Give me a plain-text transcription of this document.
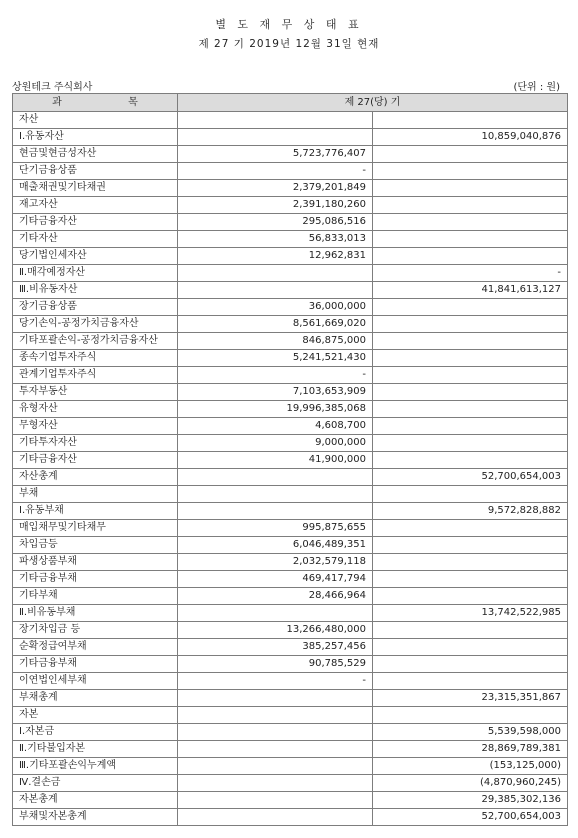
별 도 재 무 상 태 표
제 27 기 2019년 12월 31일 현재
상원테크 주식회사	(단위 : 원)
과 목	제 27(당) 기	
자산		
Ⅰ.유동자산		10,859,040,876
현금및현금성자산	5,723,776,407	
단기금융상품	-	
매출채권및기타채권	2,379,201,849	
재고자산	2,391,180,260	
기타금융자산	295,086,516	
기타자산	56,833,013	
당기법인세자산	12,962,831	
Ⅱ.매각예정자산		-
Ⅲ.비유동자산		41,841,613,127
장기금융상품	36,000,000	
당기손익-공정가치금융자산	8,561,669,020	
기타포괄손익-공정가치금융자산	846,875,000	
종속기업투자주식	5,241,521,430	
관계기업투자주식	-	
투자부동산	7,103,653,909	
유형자산	19,996,385,068	
무형자산	4,608,700	
기타투자자산	9,000,000	
기타금융자산	41,900,000	
자산총계		52,700,654,003
부채		
Ⅰ.유동부채		9,572,828,882
매입채무및기타채무	995,875,655	
차입금등	6,046,489,351	
파생상품부채	2,032,579,118	
기타금융부채	469,417,794	
기타부채	28,466,964	
Ⅱ.비유동부채		13,742,522,985
장기차입금 등	13,266,480,000	
순확정급여부채	385,257,456	
기타금융부채	90,785,529	
이연법인세부채	-	
부채총계		23,315,351,867
자본		
Ⅰ.자본금		5,539,598,000
Ⅱ.기타불입자본		28,869,789,381
Ⅲ.기타포괄손익누계액		(153,125,000)
Ⅳ.결손금		(4,870,960,245)
자본총계		29,385,302,136
부채및자본총계		52,700,654,003
